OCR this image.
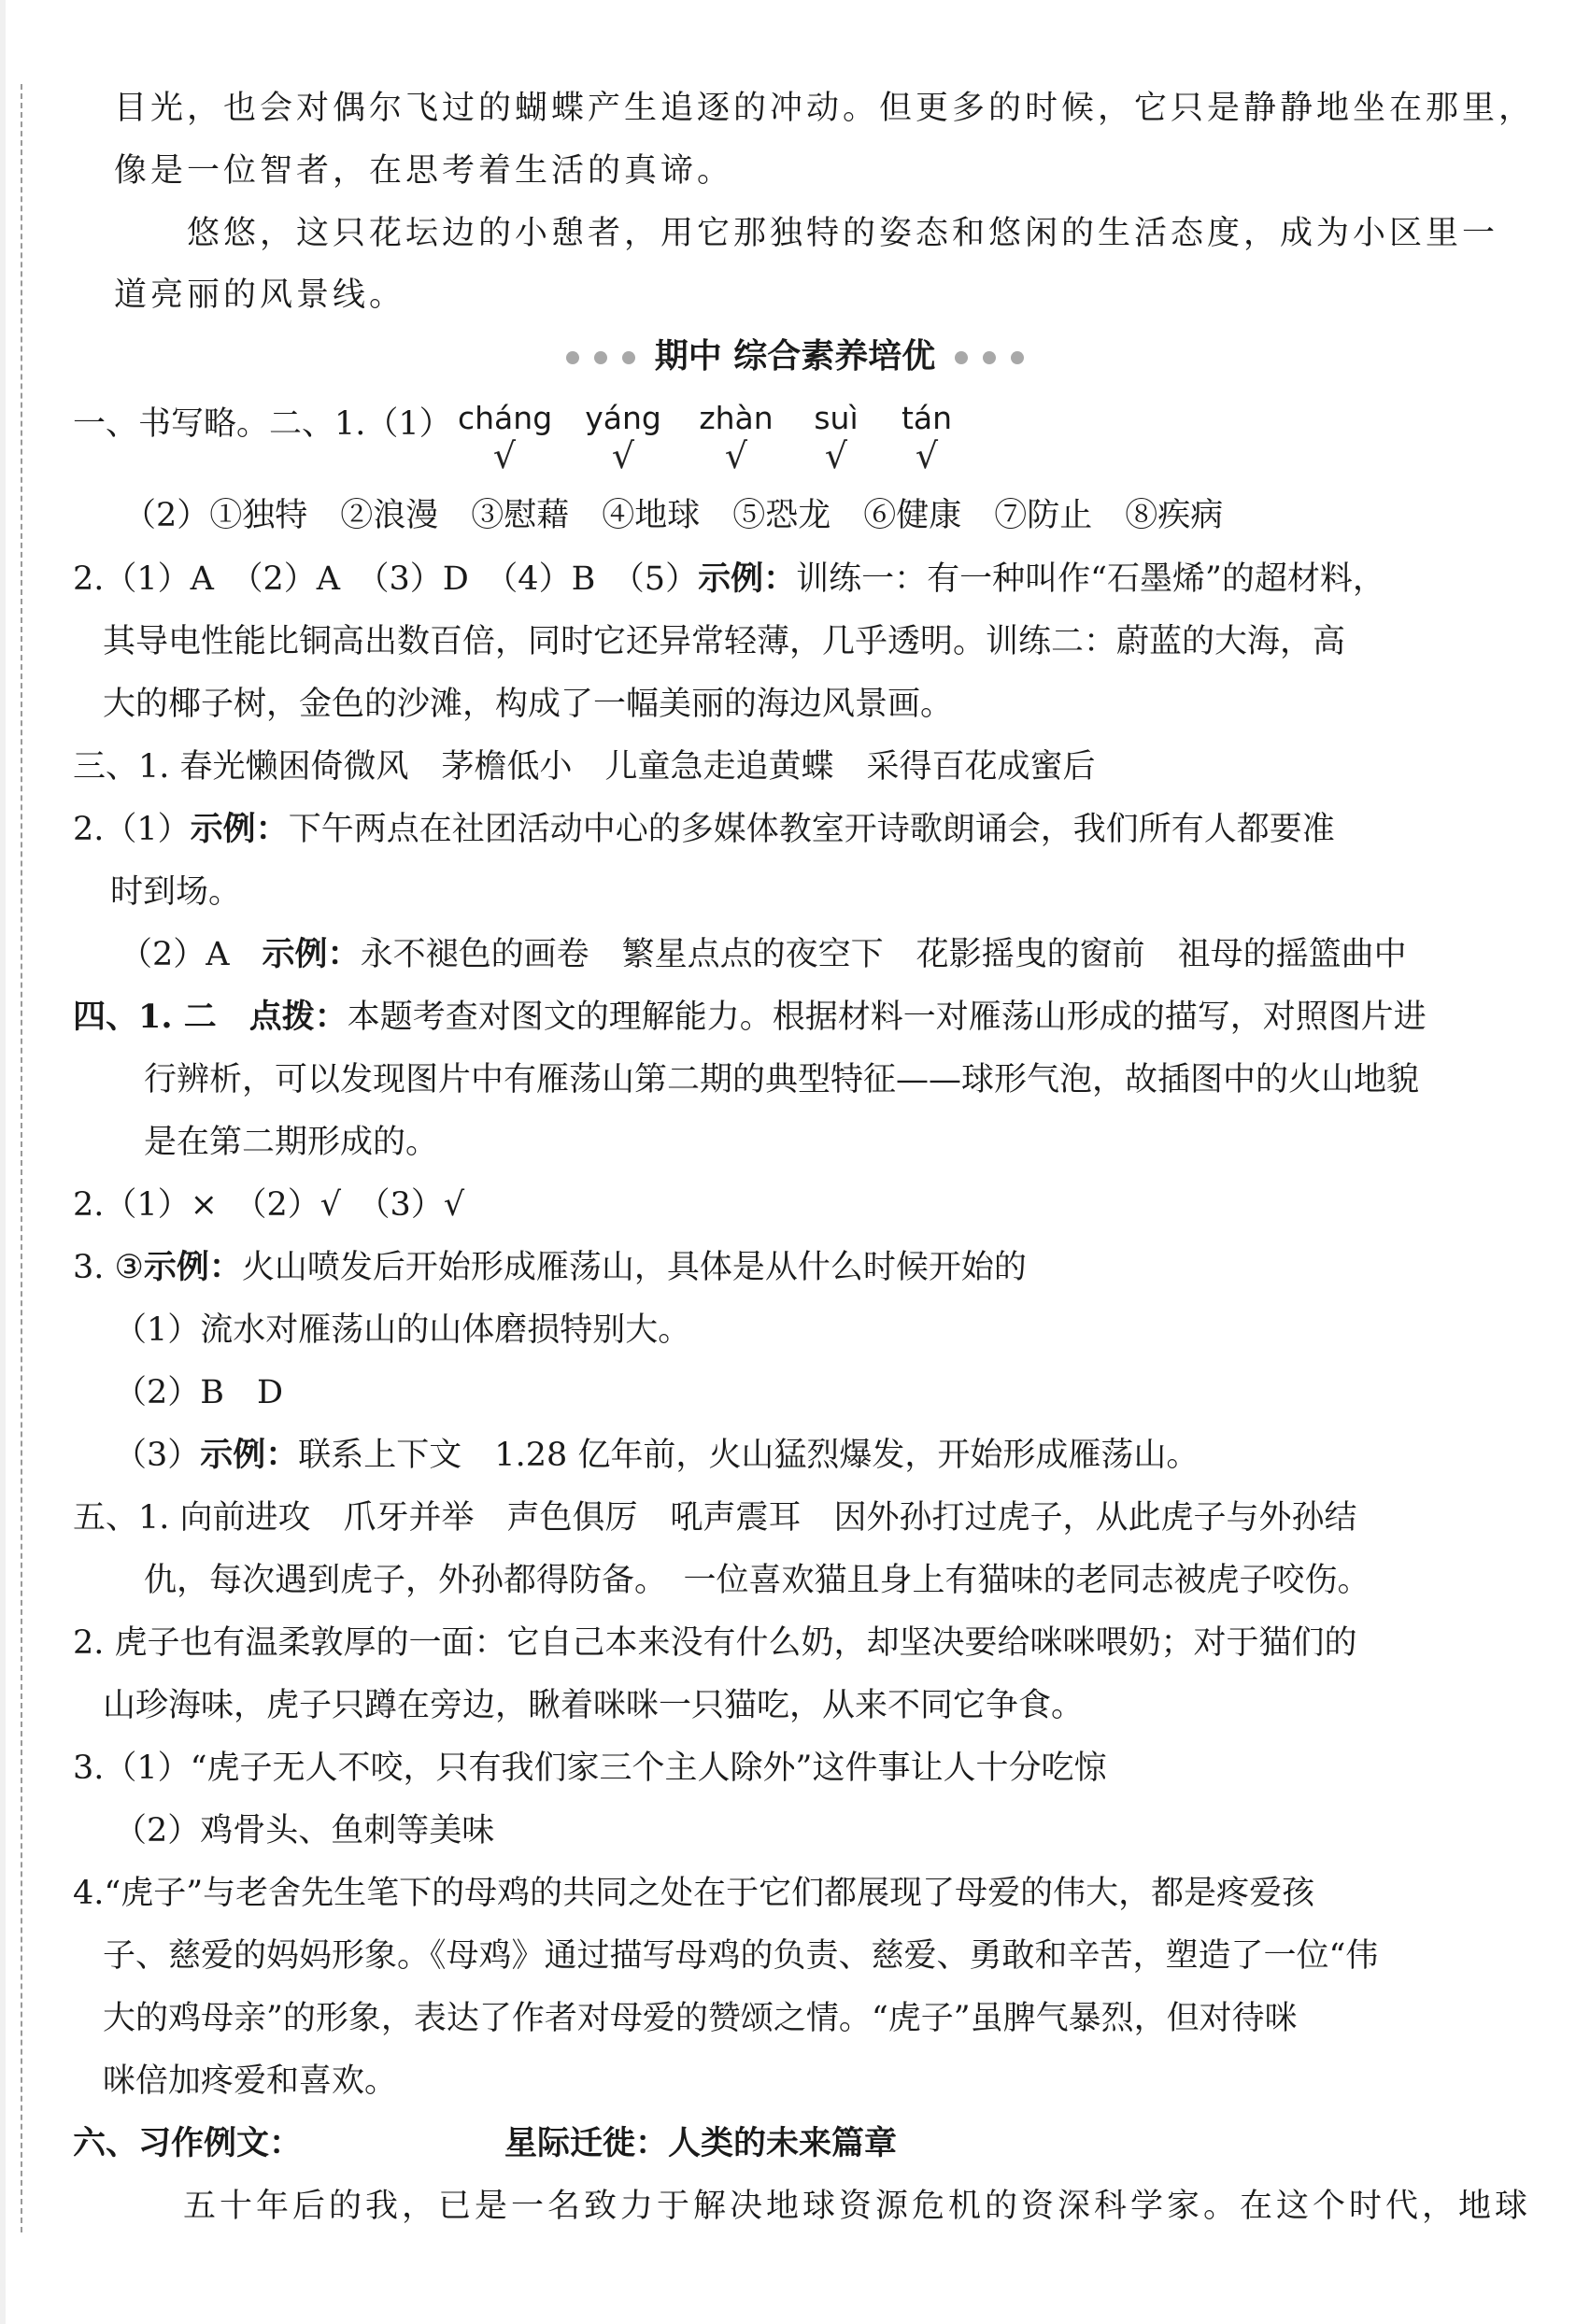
目光，也会对偶尔飞过的蝴蝶产生追逐的冲动。但更多的时候，它只是静静地坐在那里，
像是一位智者，在思考着生活的真谛。
悠悠，这只花坛边的小憩者，用它那独特的姿态和悠闲的生活态度，成为小区里一
道亮丽的风景线。
期中 综合素养培优
一、书写略。二、1.（1） cháng
√
yáng
√
zhàn
√
suì
√
tán
√
（2）①独特　②浪漫　③慰藉　④地球　⑤恐龙　⑥健康　⑦防止　⑧疾病
2.（1）A　（2）A　（3）D　（4）B　（5）示例：训练一：有一种叫作“石墨烯”的超材料，
其导电性能比铜高出数百倍，同时它还异常轻薄，几乎透明。训练二：蔚蓝的大海，高
大的椰子树，金色的沙滩，构成了一幅美丽的海边风景画。
三、1. 春光懒困倚微风　茅檐低小　儿童急走追黄蝶　采得百花成蜜后
2.（1）示例：下午两点在社团活动中心的多媒体教室开诗歌朗诵会，我们所有人都要准
时到场。
（2）A　示例：永不褪色的画卷　繁星点点的夜空下　花影摇曳的窗前　祖母的摇篮曲中
四、1. 二　点拨：本题考查对图文的理解能力。根据材料一对雁荡山形成的描写，对照图片进
行辨析，可以发现图片中有雁荡山第二期的典型特征——球形气泡，故插图中的火山地貌
是在第二期形成的。
2.（1）×　（2）√　（3）√
3. ③示例：火山喷发后开始形成雁荡山，具体是从什么时候开始的
（1）流水对雁荡山的山体磨损特别大。
（2）B　D
（3）示例：联系上下文　1.28 亿年前，火山猛烈爆发，开始形成雁荡山。
五、1. 向前进攻　爪牙并举　声色俱厉　吼声震耳　因外孙打过虎子，从此虎子与外孙结
仇，每次遇到虎子，外孙都得防备。　一位喜欢猫且身上有猫味的老同志被虎子咬伤。
2. 虎子也有温柔敦厚的一面：它自己本来没有什么奶，却坚决要给咪咪喂奶；对于猫们的
山珍海味，虎子只蹲在旁边，瞅着咪咪一只猫吃，从来不同它争食。
3.（1）“虎子无人不咬，只有我们家三个主人除外”这件事让人十分吃惊
（2）鸡骨头、鱼刺等美味
4.“虎子”与老舍先生笔下的母鸡的共同之处在于它们都展现了母爱的伟大，都是疼爱孩
子、慈爱的妈妈形象。《母鸡》通过描写母鸡的负责、慈爱、勇敢和辛苦，塑造了一位“伟
大的鸡母亲”的形象，表达了作者对母爱的赞颂之情。“虎子”虽脾气暴烈，但对待咪
咪倍加疼爱和喜欢。
六、习作例文：	星际迁徙：人类的未来篇章
五十年后的我，已是一名致力于解决地球资源危机的资深科学家。在这个时代，地球
